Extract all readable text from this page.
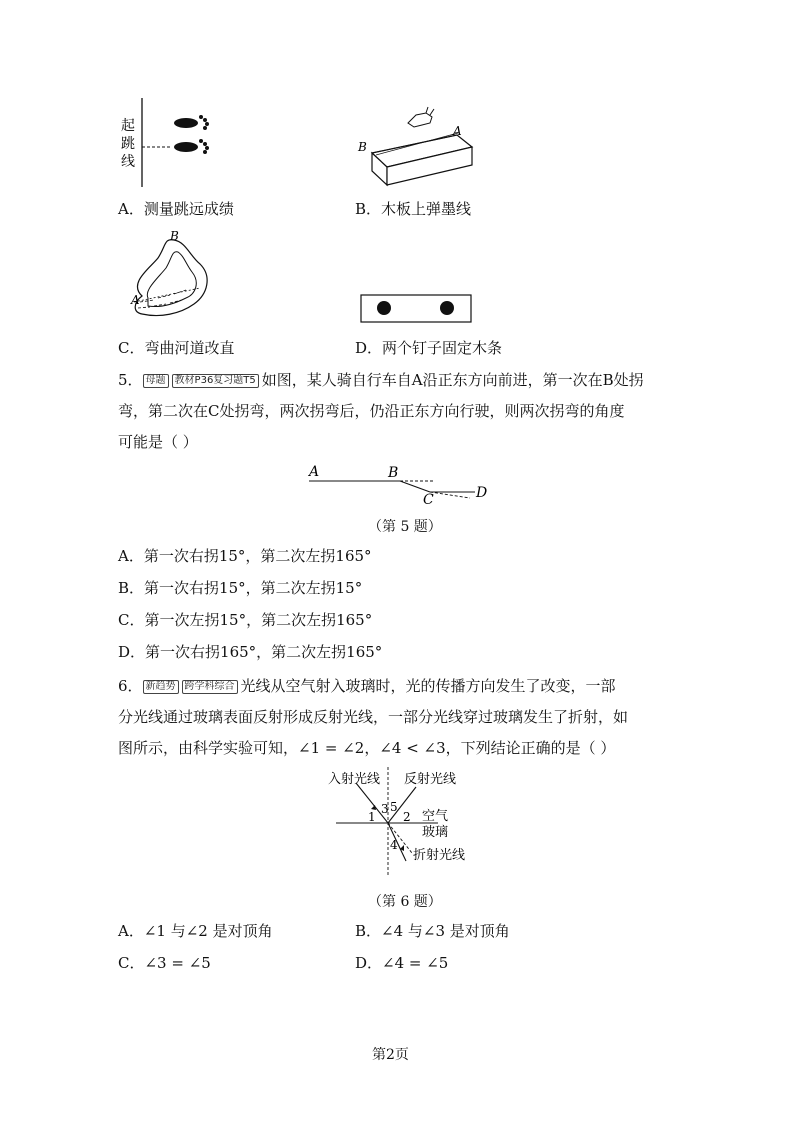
起
跳
线
B
A
A．测量跳远成绩	B．木板上弹墨线
B
A
C．弯曲河道改直	D．两个钉子固定木条
5． 母题 教材P36复习题T5 如图，某人骑自行车自A沿正东方向前进，第一次在B处拐
弯，第二次在C处拐弯，两次拐弯后，仍沿正东方向行驶，则两次拐弯的角度
可能是（ ）
A	B
C	D
（第 5 题）
A．第一次右拐15°，第二次左拐165°
B．第一次右拐15°，第二次左拐15°
C．第一次左拐15°，第二次左拐165°
D．第一次右拐165°，第二次左拐165°
6． 新趋势 跨学科综合 光线从空气射入玻璃时，光的传播方向发生了改变，一部
分光线通过玻璃表面反射形成反射光线，一部分光线穿过玻璃发生了折射，如
图所示，由科学实验可知，∠1 = ∠2，∠4 < ∠3，下列结论正确的是（ ）
入射光线 反射光线
空气
玻璃
折射光线
1
3 5
2
4
（第 6 题）
A．∠1 与∠2 是对顶角	B．∠4 与∠3 是对顶角
C．∠3 = ∠5	D．∠4 = ∠5
第2页
